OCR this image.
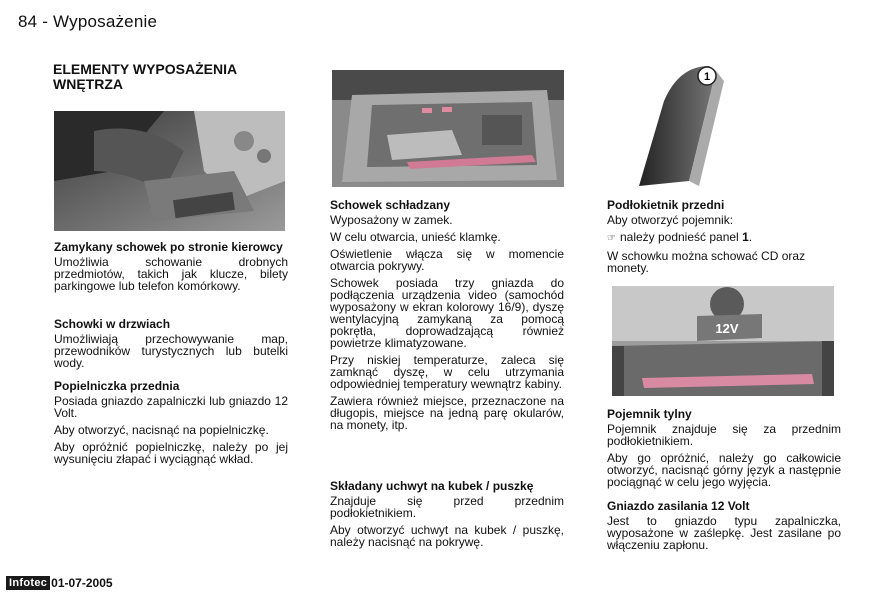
84 - Wyposażenie
ELEMENTY WYPOSAŻENIA WNĘTRZA	1
12V
Zamykany schowek po stronie kierowcy

Umożliwia schowanie drobnych przedmiotów, takich jak klucze, bilety parkingowe lub telefon komórkowy.

Schowki w drzwiach

Umożliwiają przechowywanie map, przewodników turystycznych lub butelki wody.

Popielniczka przednia

Posiada gniazdo zapalniczki lub gniazdo 12 Volt.

Aby otworzyć, nacisnąć na popielniczkę.

Aby opróżnić popielniczkę, należy po jej wysunięciu złapać i wyciągnąć wkład.

Schowek schładzany

Wyposażony w zamek.

W celu otwarcia, unieść klamkę.

Oświetlenie włącza się w momencie otwarcia pokrywy.

Schowek posiada trzy gniazda do podłączenia urządzenia video (samochód wyposażony w ekran kolorowy 16/9), dyszę wentylacyjną zamykaną za pomocą pokrętła, doprowadzającą również powietrze klimatyzowane.

Przy niskiej temperaturze, zaleca się zamknąć dyszę, w celu utrzymania odpowiedniej temperatury wewnątrz kabiny.

Zawiera również miejsce, przeznaczone na długopis, miejsce na jedną parę okularów, na monety, itp.

Składany uchwyt na kubek / puszkę

Znajduje się przed przednim podłokietnikiem.

Aby otworzyć uchwyt na kubek / puszkę, należy nacisnąć na pokrywę.

Podłokietnik przedni

Aby otworzyć pojemnik:

☞ należy podnieść panel 1.

W schowku można schować CD oraz monety.

Pojemnik tylny

Pojemnik znajduje się za przednim podłokietnikiem.

Aby go opróżnić, należy go całkowicie otworzyć, nacisnąć górny język a następnie pociągnąć w celu jego wyjęcia.

Gniazdo zasilania 12 Volt

Jest to gniazdo typu zapalniczka, wyposażone w zaślepkę. Jest zasilane po włączeniu zapłonu.

Infotec 01-07-2005
